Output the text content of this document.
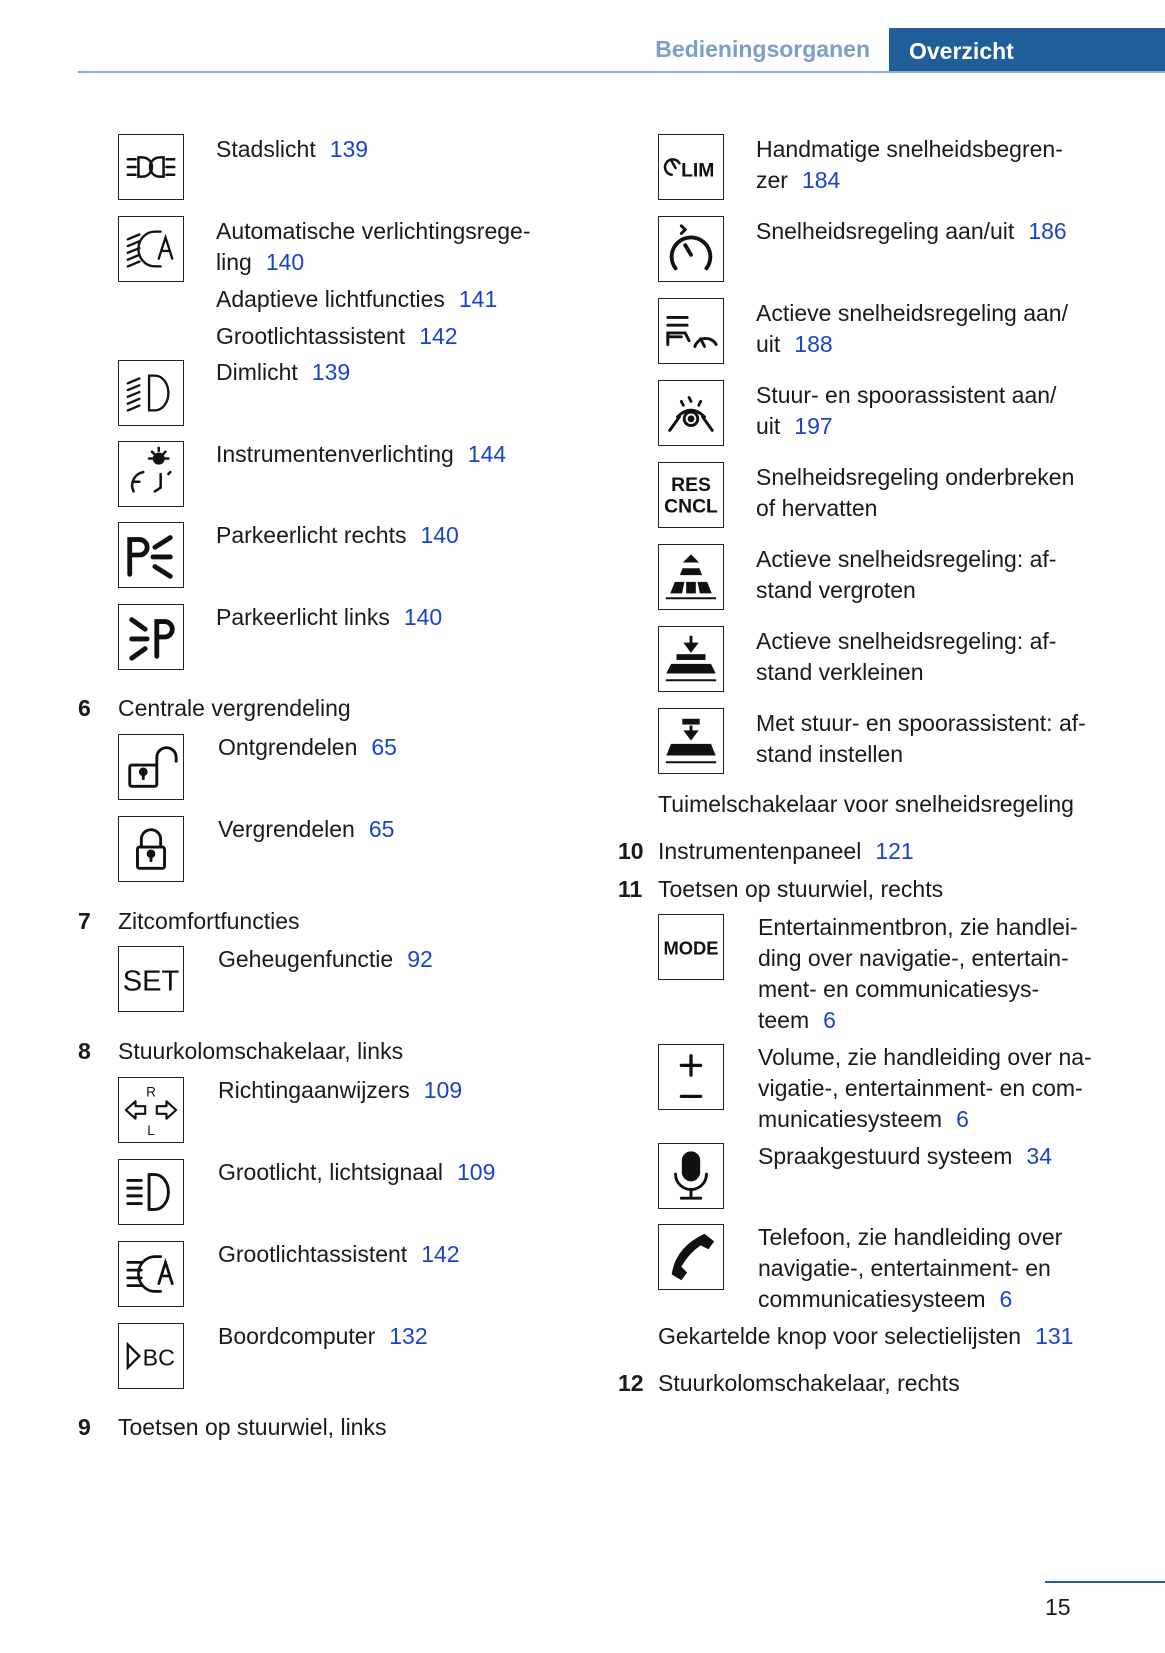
Bedieningsorganen	Overzicht
Stadslicht 139
Automatische verlichtingsrege-
ling 140
Adaptieve lichtfuncties 141
Grootlichtassistent 142
Dimlicht 139
Instrumentenverlichting 144
Parkeerlicht rechts 140
Parkeerlicht links 140
6 Centrale vergrendeling
Ontgrendelen 65
Vergrendelen 65
7 Zitcomfortfuncties
SET
Geheugenfunctie 92
8 Stuurkolomschakelaar, links
R
L
Richtingaanwijzers 109
Grootlicht, lichtsignaal 109
Grootlichtassistent 142
BC
Boordcomputer 132
9 Toetsen op stuurwiel, links
LIM
Handmatige snelheidsbegren-
zer 184
Snelheidsregeling aan/uit 186
Actieve snelheidsregeling aan/
uit 188
Stuur- en spoorassistent aan/
uit 197
RES
CNCL
Snelheidsregeling onderbreken
of hervatten
Actieve snelheidsregeling: af-
stand vergroten
Actieve snelheidsregeling: af-
stand verkleinen
Met stuur- en spoorassistent: af-
stand instellen
Tuimelschakelaar voor snelheidsregeling
10 Instrumentenpaneel 121
11 Toetsen op stuurwiel, rechts
MODE
Entertainmentbron, zie handlei-
ding over navigatie-, entertain-
ment- en communicatiesys-
teem 6
Volume, zie handleiding over na-
vigatie-, entertainment- en com-
municatiesysteem 6
Spraakgestuurd systeem 34
Telefoon, zie handleiding over
navigatie-, entertainment- en
communicatiesysteem 6
Gekartelde knop voor selectielijsten 131
12 Stuurkolomschakelaar, rechts
15
